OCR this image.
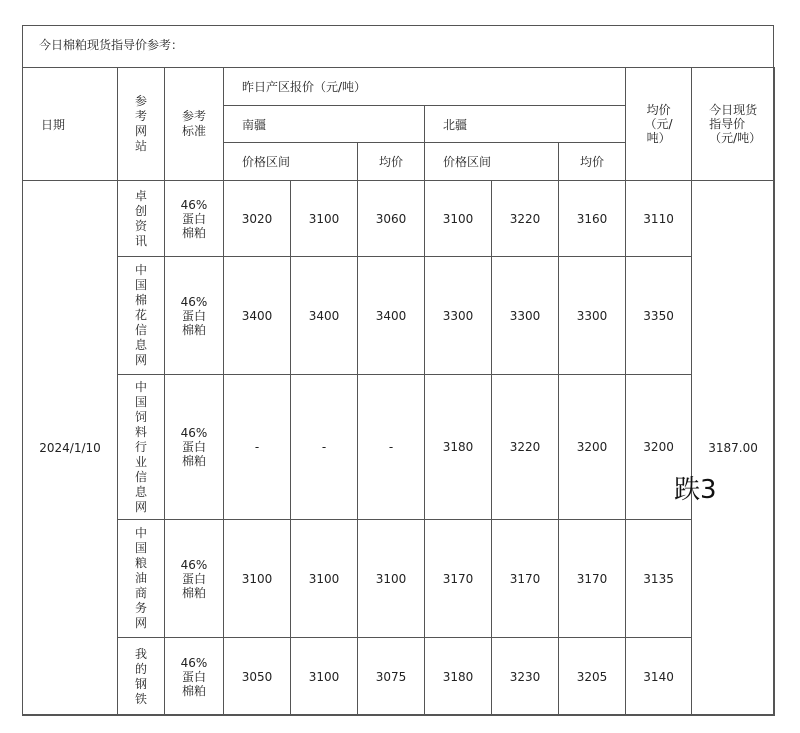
今日棉粕现货指导价参考：
日期	参考网站	参考标准	昨日产区报价（元/吨）						均价（元/吨）	今日现货指导价（元/吨）

			南疆			北疆				
			价格区间		均价	价格区间		均价		
2024/1/10	卓创资讯	46%蛋白棉粕	3020	3100	3060	3100	3220	3160	3110	3187.00

	中国棉花信息网	46%蛋白棉粕	3400	3400	3400	3300	3300	3300	3350	

	中国饲料行业信息网	46%蛋白棉粕	-	-	-	3180	3220	3200	3200	

	中国粮油商务网	46%蛋白棉粕	3100	3100	3100	3170	3170	3170	3135	

	我的钢铁	46%蛋白棉粕	3050	3100	3075	3180	3230	3205	3140	
跌3
